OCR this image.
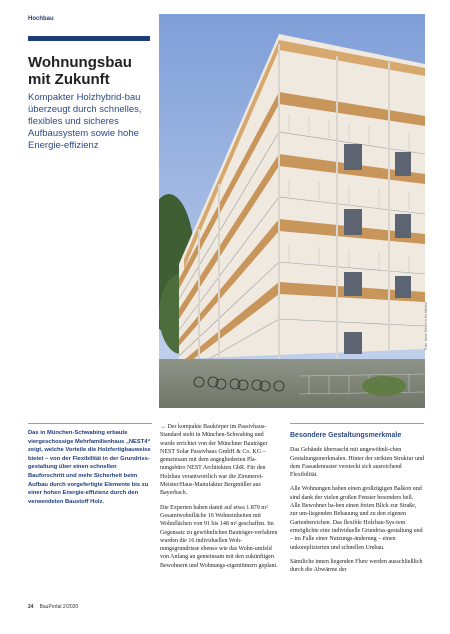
Hochbau
Wohnungsbau mit Zukunft
Kompakter Holzhybrid-bau überzeugt durch schnelles, flexibles und sicheres Aufbausystem sowie hohe Energie-effizienz
Foto: Anne Heinrich Architektur

Das in München-Schwabing erbaute viergeschossige Mehrfamilienhaus „NEST4“ zeigt, welche Vorteile die Holzfertigbauweise bietet – von der Flexibilität in der Grundriss-gestaltung über einen schnellen Bauforschritt und mehr Sicherheit beim Aufbau durch vorgefertigte Elemente bis zu einer hohen Energie-effizienz durch den verwendeten Baustoff Holz.

→ Der kompakte Baukörper im Passivhaus-Standard steht in München-Schwabing und wurde errichtet von der Münchner Bauträger NEST Solar Passivhaus GmbH & Co. KG – gemeinsam mit dem angegliederten Pla-nungsbüro NEST Architekten GbR. Für den Holzbau verantwortlich war die Zimmerei-Meister/Haus-Manufaktur Bergmüller aus Bayerbach.

Die Experten haben damit auf etwa 1.870 m² Gesamtwohnfläche 16 Wohneinheiten mit Wohnflächen von 91 bis 148 m² geschaffen. Im Gegensatz zu gewöhnlichen Bauträger-verfahren wurden die 16 individuellen Woh-nungsgrundrisse ebenso wie das Wohn-umfeld von Anfang an gemeinsam mit den zukünftigen Bewohnern und Wohnungs-eigentümern geplant.

Besondere Gestaltungsmerkmale

Das Gebäude überrascht mit ungewöhnli-chen Gestaltungsmerkmalen. Hinter der strikten Struktur und dem Fassadenraster versteckt sich ausreichend Flexibilität.

Alle Wohnungen haben einen großzügigen Balkon und sind dank der vielen großen Fenster besonders hell. Alle Bewohner ha-ben einen freien Blick zur Straße, zur um-liegenden Bebauung und zu den eigenen Gartenbereichen. Das flexible Holzbau-Sys-tem ermöglichte eine individuelle Grundriss-gestaltung und – im Falle einer Nutzungs-änderung – einen unkomplizierten und schnellen Umbau.

Sämtliche innen liegenden Flure werden ausschließlich durch die Abwärme der

24 BauPortal 2/2020
